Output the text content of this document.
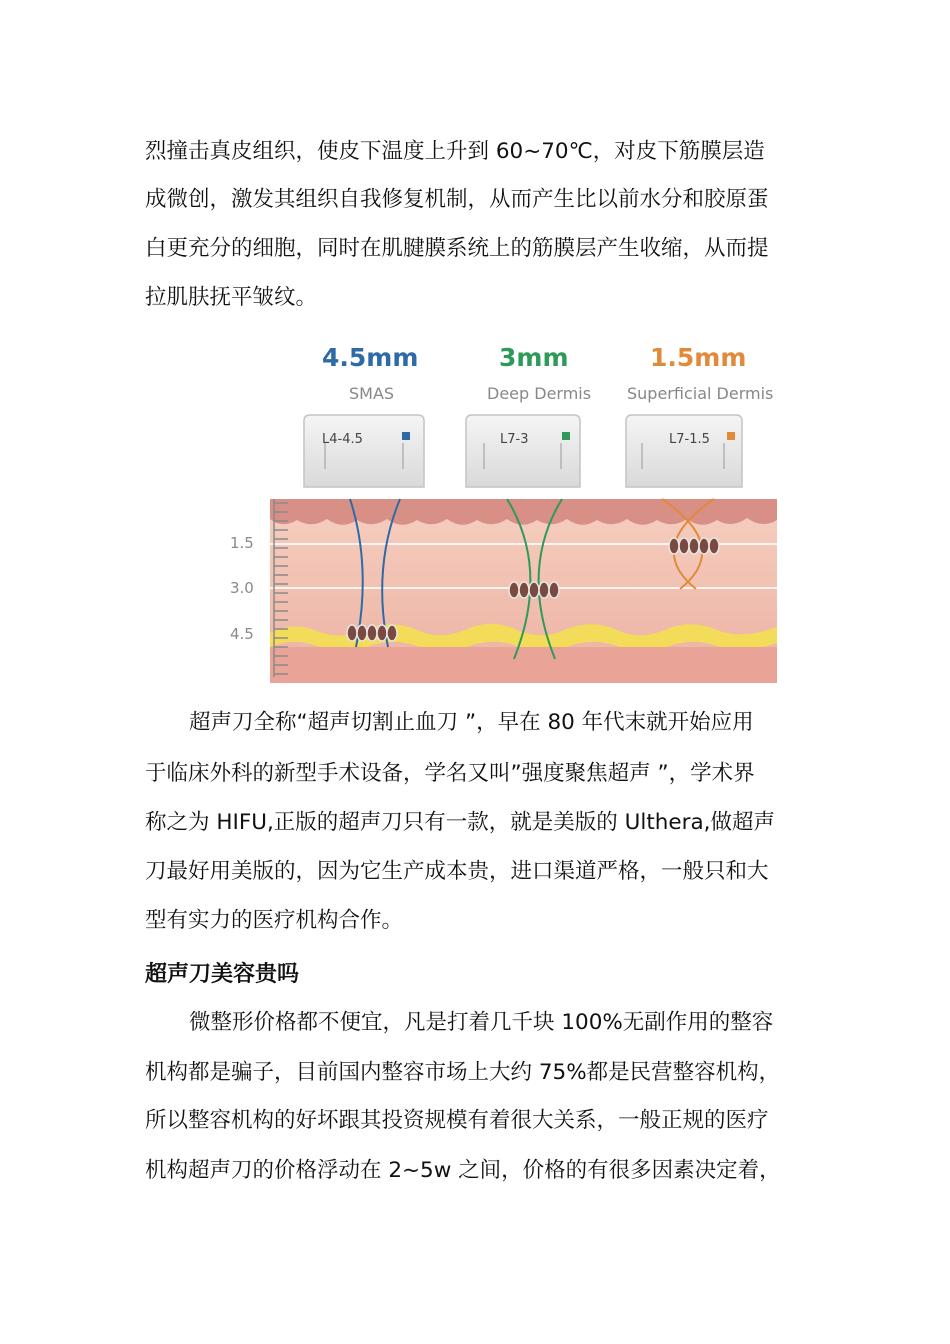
烈撞击真皮组织，使皮下温度上升到 60~70℃，对皮下筋膜层造
成微创，激发其组织自我修复机制，从而产生比以前水分和胶原蛋
白更充分的细胞，同时在肌腱膜系统上的筋膜层产生收缩，从而提
拉肌肤抚平皱纹。
1.5
3.0
4.5
4.5mm
SMAS
L4-4.5
3mm
Deep Dermis
L7-3
1.5mm
Superficial Dermis
L7-1.5
超声刀全称“超声切割止血刀 ”，早在 80 年代末就开始应用
于临床外科的新型手术设备，学名又叫”强度聚焦超声 ”，学术界
称之为 HIFU,正版的超声刀只有一款，就是美版的 Ulthera,做超声
刀最好用美版的，因为它生产成本贵，进口渠道严格，一般只和大
型有实力的医疗机构合作。
超声刀美容贵吗
微整形价格都不便宜，凡是打着几千块 100%无副作用的整容
机构都是骗子，目前国内整容市场上大约 75%都是民营整容机构，
所以整容机构的好坏跟其投资规模有着很大关系，一般正规的医疗
机构超声刀的价格浮动在 2~5w 之间，价格的有很多因素决定着，
